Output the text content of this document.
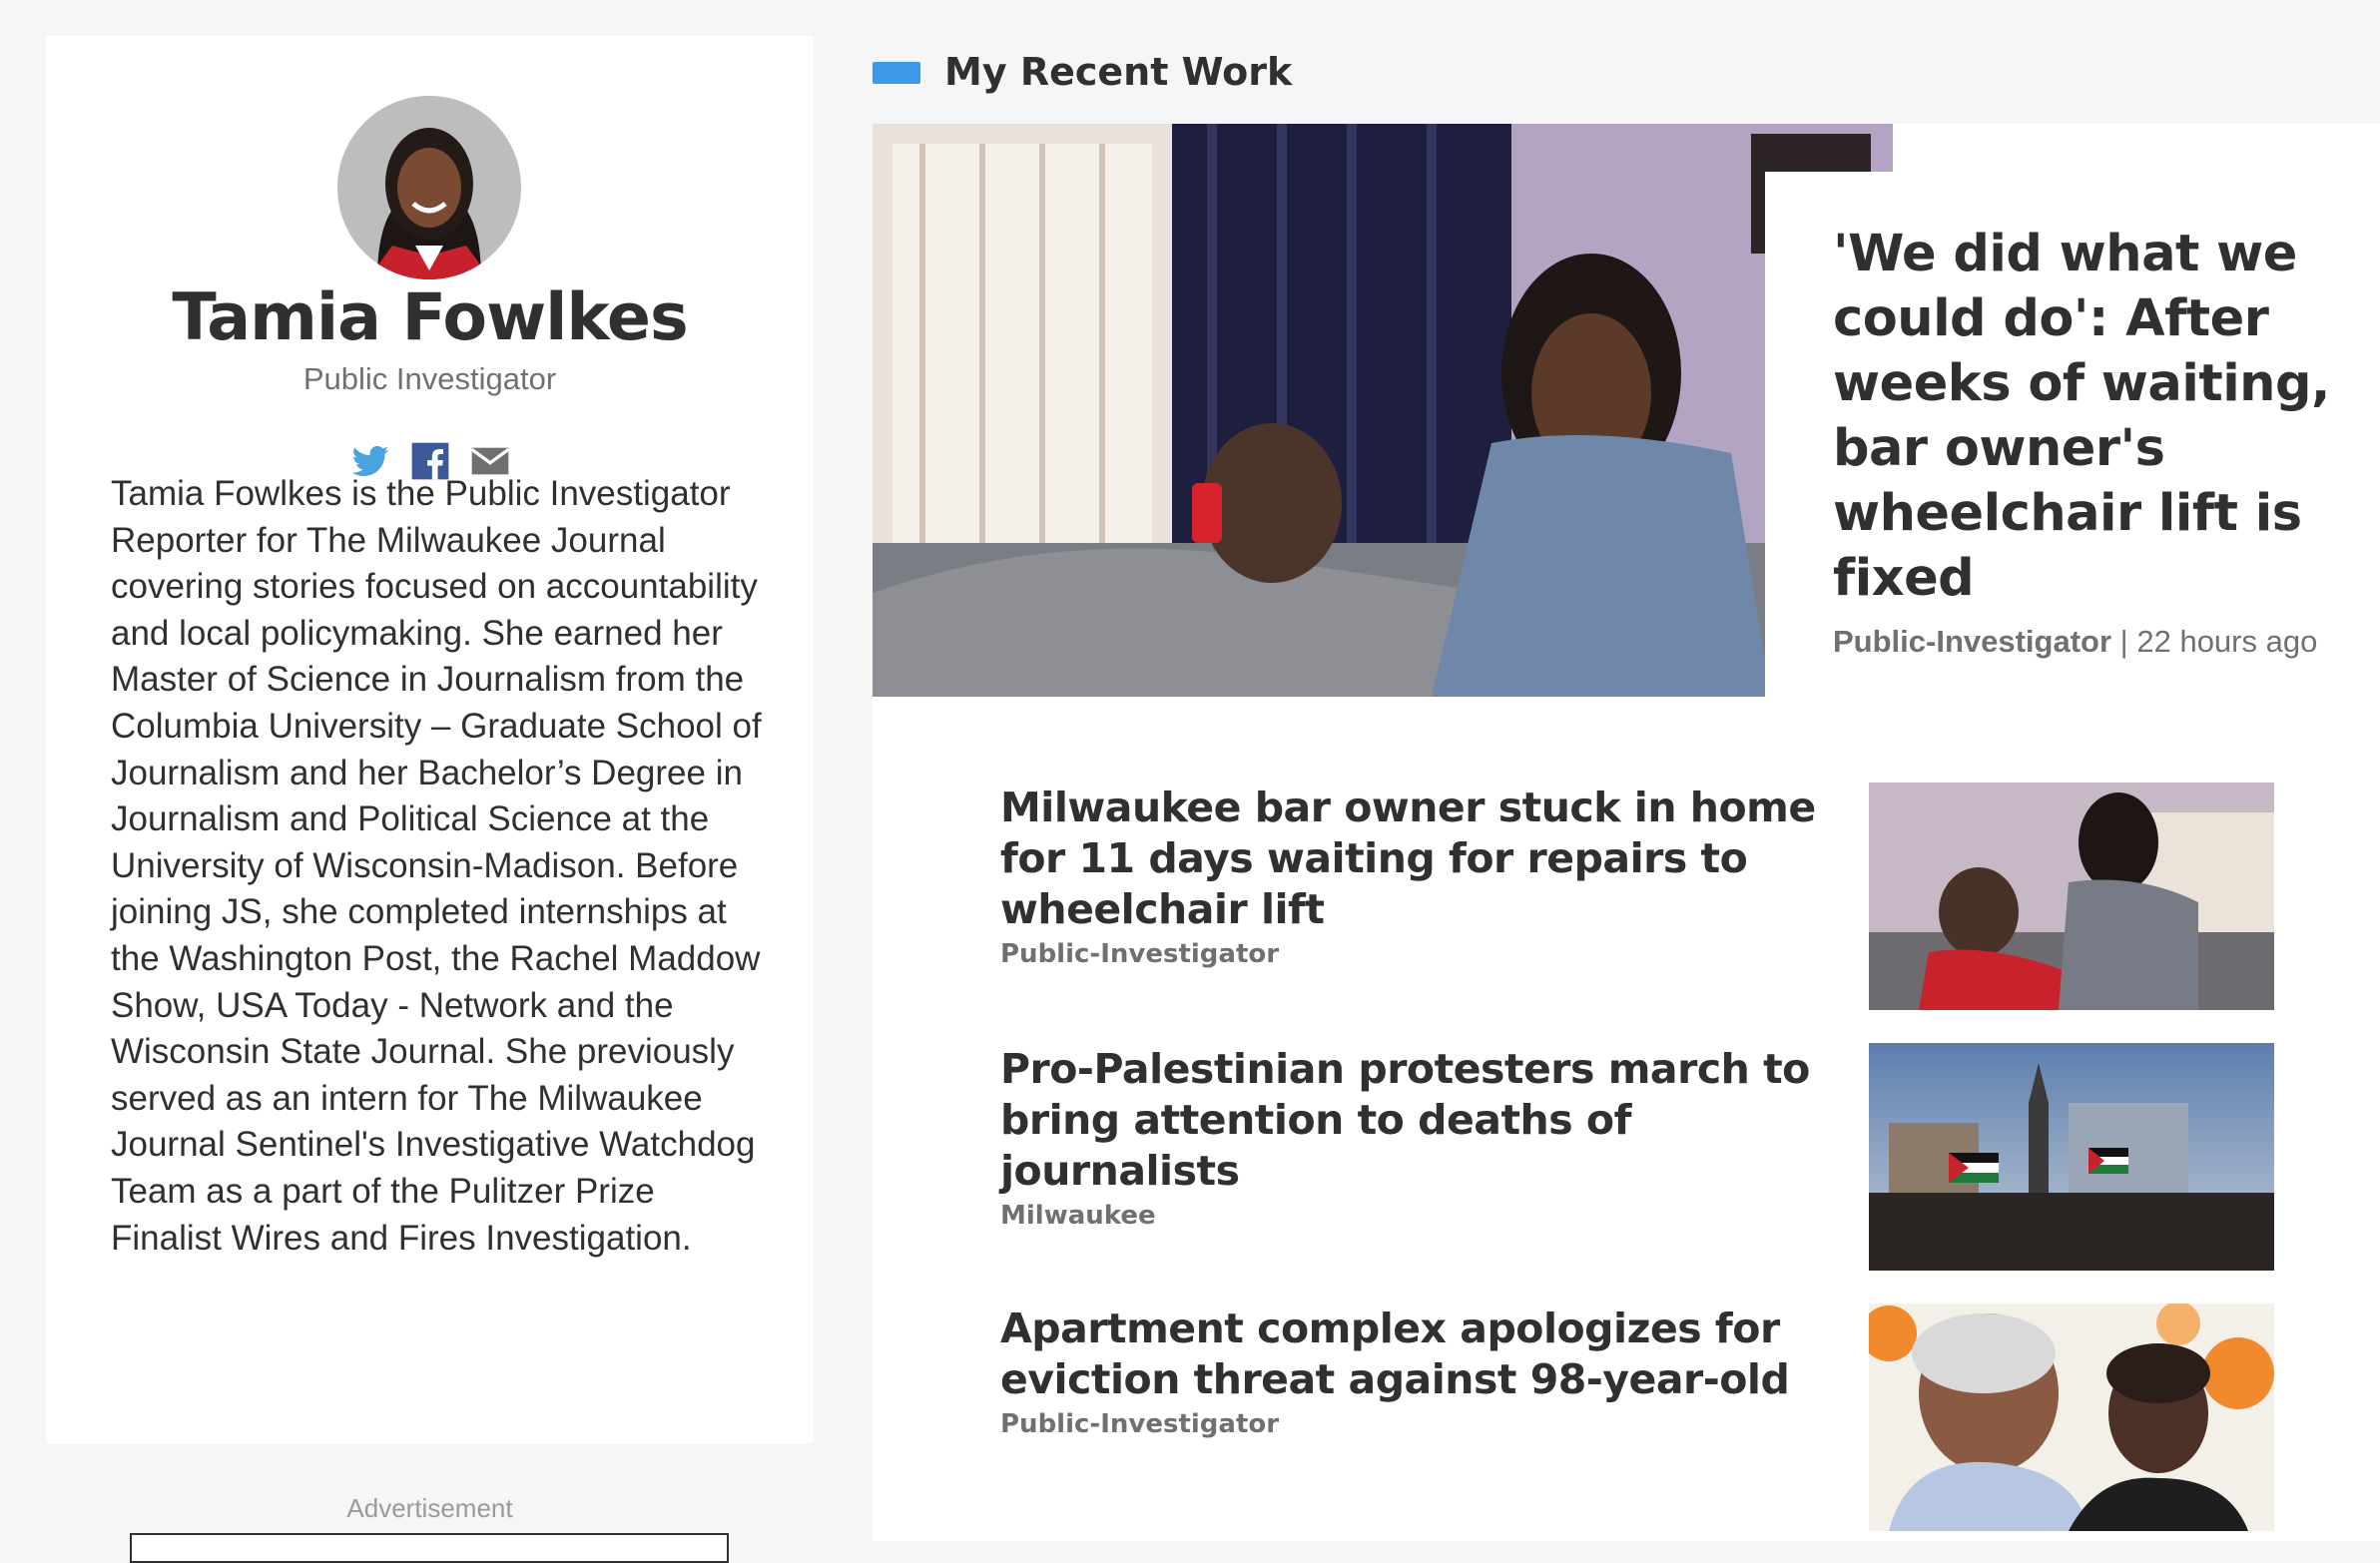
Tamia Fowlkes
Public Investigator
Tamia Fowlkes is the Public Investigator Reporter for The Milwaukee Journal covering stories focused on accountability and local policymaking. She earned her Master of Science in Journalism from the Columbia University – Graduate School of Journalism and her Bachelor’s Degree in Journalism and Political Science at the University of Wisconsin-Madison. Before joining JS, she completed internships at the Washington Post, the Rachel Maddow Show, USA Today - Network and the Wisconsin State Journal. She previously served as an intern for The Milwaukee Journal Sentinel's Investigative Watchdog Team as a part of the Pulitzer Prize Finalist Wires and Fires Investigation.
Advertisement
My Recent Work
'We did what we could do': After weeks of waiting, bar owner's wheelchair lift is fixed
Public-Investigator | 22 hours ago
Milwaukee bar owner stuck in home for 11 days waiting for repairs to wheelchair lift
Public-Investigator
Pro-Palestinian protesters march to bring attention to deaths of journalists
Milwaukee
Apartment complex apologizes for eviction threat against 98-year-old
Public-Investigator
